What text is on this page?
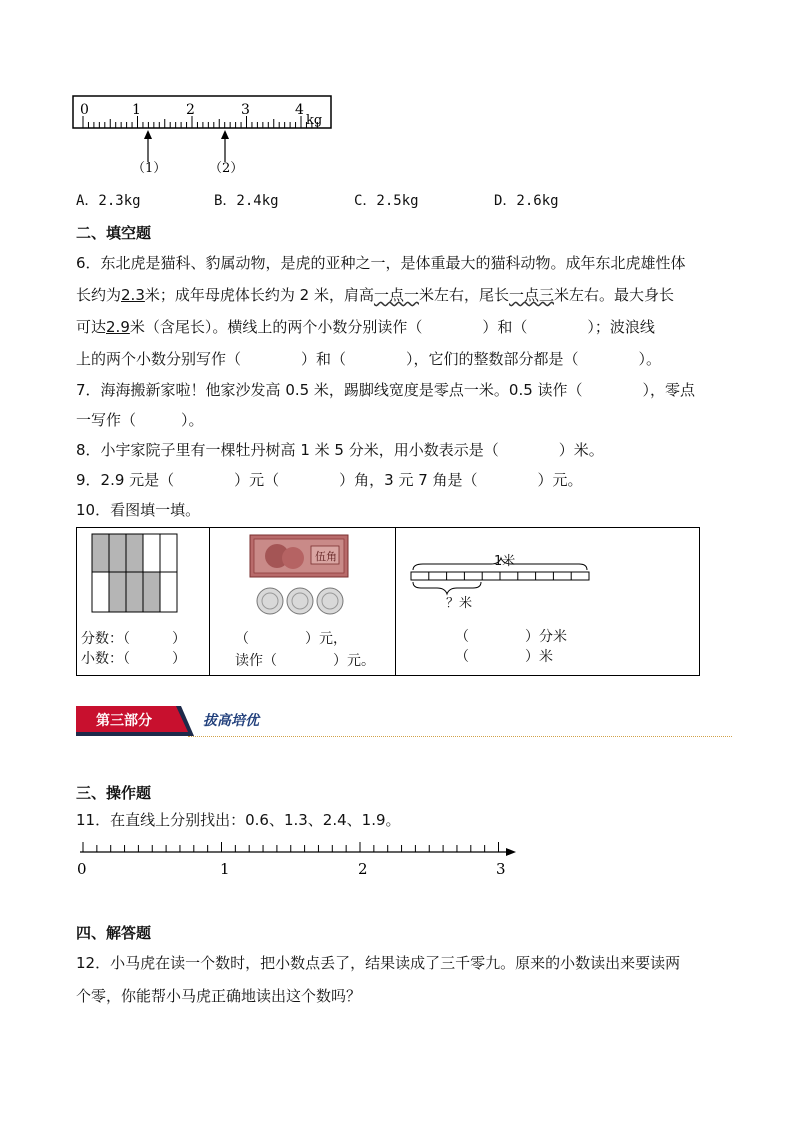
0	1	2	3	4
kg
（1）	（2）
A．2.3kg	B．2.4kg	C．2.5kg	D．2.6kg
二、填空题
6．东北虎是猫科、豹属动物，是虎的亚种之一，是体重最大的猫科动物。成年东北虎雄性体
长约为2.3米；成年母虎体长约为 2 米，肩高一点一米左右，尾长一点三米左右。最大身长
可达2.9米（含尾长）。横线上的两个小数分别读作（　　　　）和（　　　　）；波浪线
上的两个小数分别写作（　　　　）和（　　　　），它们的整数部分都是（　　　　）。
7．海海搬新家啦！他家沙发高 0.5 米，踢脚线宽度是零点一米。0.5 读作（　　　　），零点
一写作（　　　）。
8．小宇家院子里有一棵牡丹树高 1 米 5 分米，用小数表示是（　　　　）米。
9．2.9 元是（　　　　）元（　　　　）角，3 元 7 角是（　　　　）元。
10．看图填一填。
分数：（　　　）
小数：（　　　）
伍角
（　　　　）元，
读作（　　　　）元。
1米
？米
（　　　　）分米
（　　　　）米
第三部分	拔高培优
三、操作题
11．在直线上分别找出：0.6、1.3、2.4、1.9。
0	1	2	3
四、解答题
12．小马虎在读一个数时，把小数点丢了，结果读成了三千零九。原来的小数读出来要读两
个零，你能帮小马虎正确地读出这个数吗？
